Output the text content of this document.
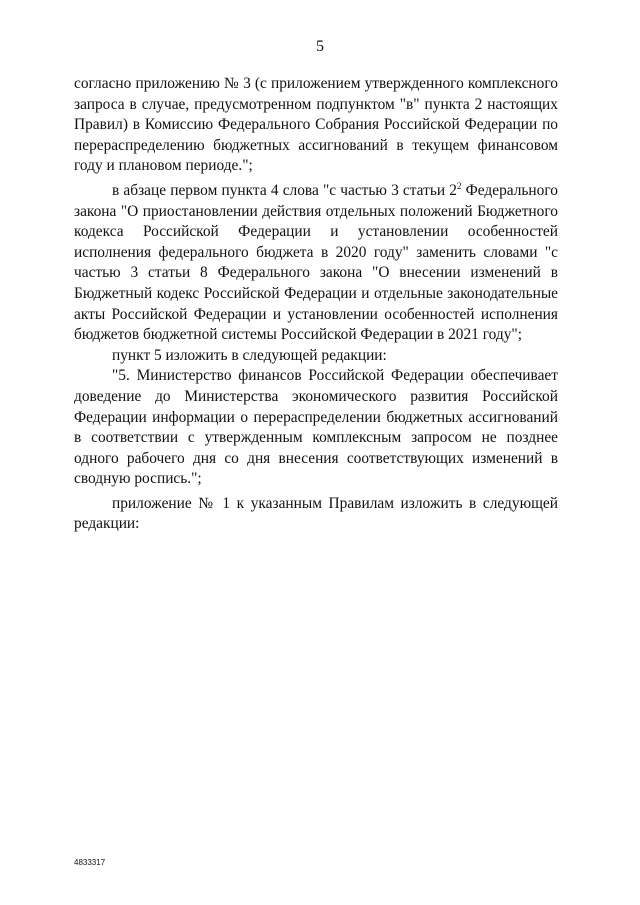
5

согласно приложению № 3 (с приложением утвержденного комплексного запроса в случае, предусмотренном подпунктом "в" пункта 2 настоящих Правил) в Комиссию Федерального Собрания Российской Федерации по перераспределению бюджетных ассигнований в текущем финансовом году и плановом периоде.";

в абзаце первом пункта 4 слова "с частью 3 статьи $2^2$ Федерального закона "О приостановлении действия отдельных положений Бюджетного кодекса Российской Федерации и установлении особенностей исполнения федерального бюджета в 2020 году" заменить словами "с частью 3 статьи 8 Федерального закона "О внесении изменений в Бюджетный кодекс Российской Федерации и отдельные законодательные акты Российской Федерации и установлении особенностей исполнения бюджетов бюджетной системы Российской Федерации в 2021 году";

пункт 5 изложить в следующей редакции:

"5. Министерство финансов Российской Федерации обеспечивает доведение до Министерства экономического развития Российской Федерации информации о перераспределении бюджетных ассигнований в соответствии с утвержденным комплексным запросом не позднее одного рабочего дня со дня внесения соответствующих изменений в сводную роспись.";

приложение № 1 к указанным Правилам изложить в следующей редакции:

4833317
